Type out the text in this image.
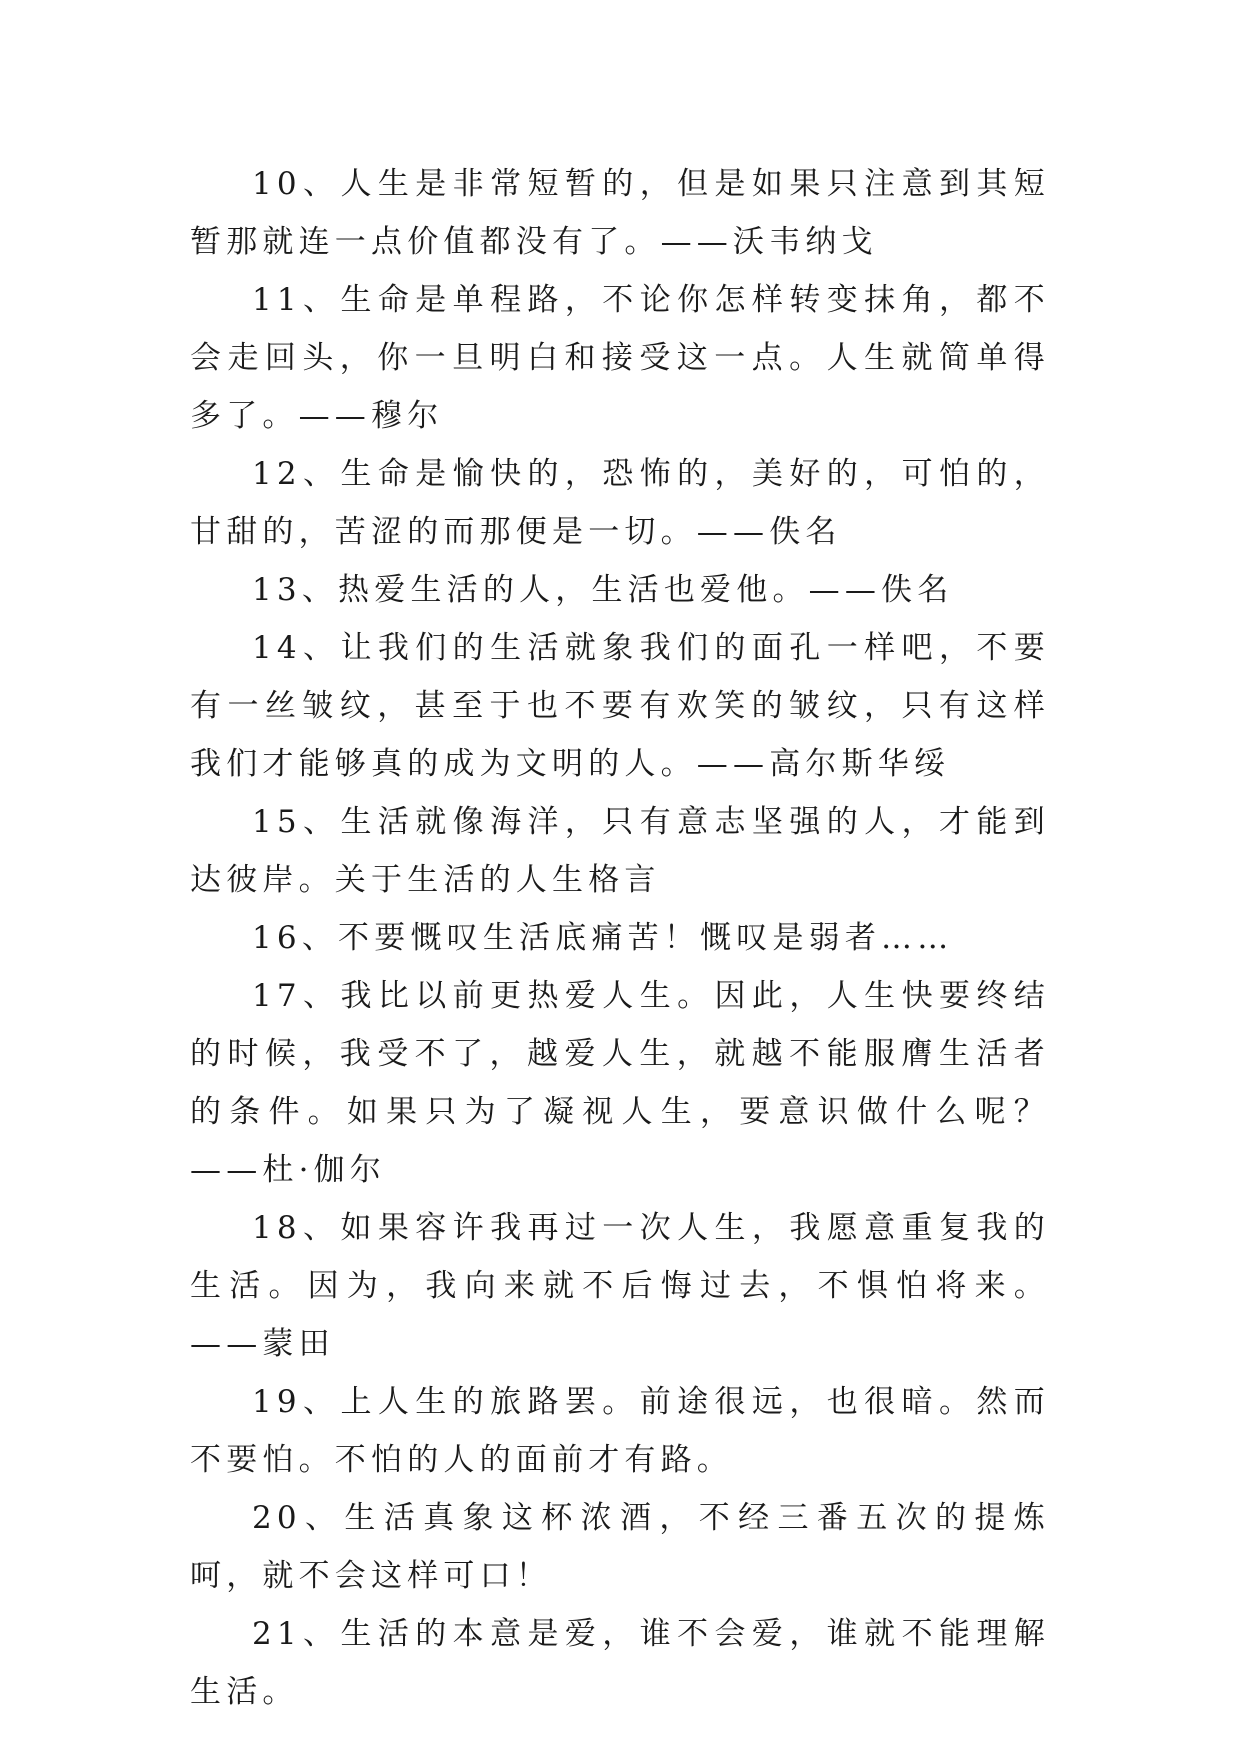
10、人生是非常短暂的，但是如果只注意到其短暂那就连一点价值都没有了。——沃韦纳戈

11、生命是单程路，不论你怎样转变抹角，都不会走回头，你一旦明白和接受这一点。人生就简单得多了。——穆尔

12、生命是愉快的，恐怖的，美好的，可怕的，甘甜的，苦涩的而那便是一切。——佚名

13、热爱生活的人，生活也爱他。——佚名

14、让我们的生活就象我们的面孔一样吧，不要有一丝皱纹，甚至于也不要有欢笑的皱纹，只有这样我们才能够真的成为文明的人。——高尔斯华绥

15、生活就像海洋，只有意志坚强的人，才能到达彼岸。关于生活的人生格言

16、不要慨叹生活底痛苦！慨叹是弱者……

17、我比以前更热爱人生。因此，人生快要终结的时候，我受不了，越爱人生，就越不能服膺生活者的条件。如果只为了凝视人生，要意识做什么呢？——杜·伽尔

18、如果容许我再过一次人生，我愿意重复我的生活。因为，我向来就不后悔过去，不惧怕将来。——蒙田

19、上人生的旅路罢。前途很远，也很暗。然而不要怕。不怕的人的面前才有路。

20、生活真象这杯浓酒，不经三番五次的提炼呵，就不会这样可口！

21、生活的本意是爱，谁不会爱，谁就不能理解生活。
